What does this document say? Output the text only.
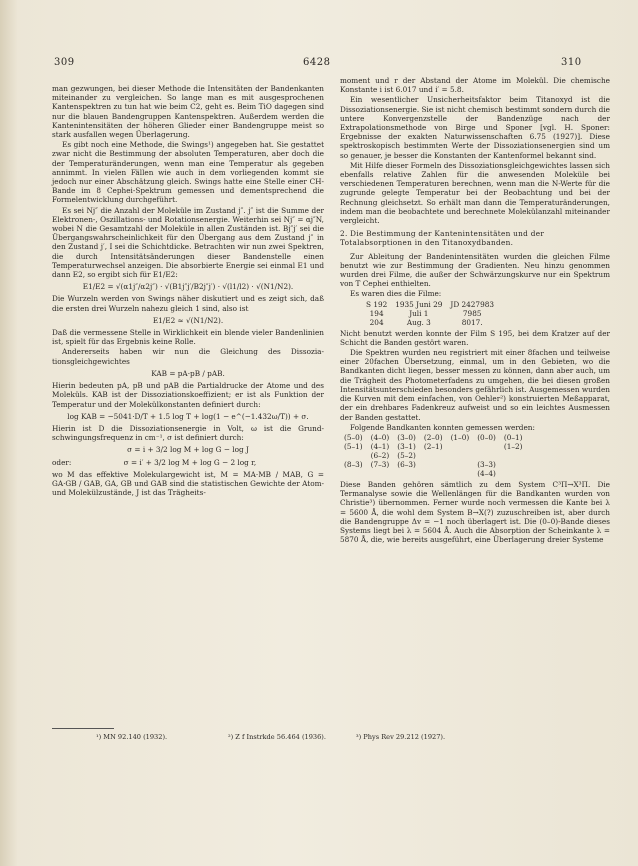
309	6428	310

man gezwungen, bei dieser Methode die Intensitäten der Bandenkanten miteinander zu vergleichen. So lange man es mit ausgesprochenen Kantenspektren zu tun hat wie beim C2, geht es. Beim TiO dagegen sind nur die blauen Bandengruppen Kantenspektren. Außerdem werden die Kantenintensitäten der höheren Glieder einer Bandengruppe meist so stark ausfallen wegen Überlagerung.

Es gibt noch eine Methode, die Swings¹) angegeben hat. Sie gestattet zwar nicht die Bestimmung der absoluten Temperaturen, aber doch die der Temperaturänderungen, wenn man eine Temperatur als gegeben annimmt. In vielen Fällen wie auch in dem vorliegenden kommt sie jedoch nur einer Abschätzung gleich. Swings hatte eine Stelle einer CH-Bande im 8 Cephei-Spektrum gemessen und dementsprechend die Formelentwicklung durchgeführt.

Es sei Nj″ die Anzahl der Moleküle im Zustand j″. j″ ist die Summe der Elektronen-, Oszillations- und Rotationsenergie. Weiterhin sei Nj″ = αj″N, wobei N die Gesamtzahl der Moleküle in allen Zuständen ist. Bj″j′ sei die Übergangswahrscheinlichkeit für den Übergang aus dem Zustand j″ in den Zustand j′, I sei die Schichtdicke. Betrachten wir nun zwei Spektren, die durch Intensitätsänderungen dieser Bandenstelle einen Temperaturwechsel anzeigen. Die absorbierte Energie sei einmal E1 und dann E2, so ergibt sich für E1/E2:

E1/E2 = √(α1j″/α2j″) · √(B1j″j′/B2j″j′) · √(l1/l2) · √(N1/N2).

Die Wurzeln werden von Swings näher diskutiert und es zeigt sich, daß die ersten drei Wurzeln nahezu gleich 1 sind, also ist

E1/E2 ≈ √(N1/N2).

Daß die vermessene Stelle in Wirklichkeit ein blende vieler Bandenlinien ist, spielt für das Ergebnis keine Rolle.

Andererseits haben wir nun die Gleichung des Dissoziationsgleichgewichtes

KAB = pA·pB / pAB.

Hierin bedeuten pA, pB und pAB die Partialdrucke der Atome und des Moleküls. KAB ist der Dissoziationskoeffizient; er ist als Funktion der Temperatur und der Molekülkonstanten definiert durch:

log KAB = −5041·D/T + 1.5 log T + log(1 − e^(−1.432ω/T)) + σ.

Hierin ist D die Dissoziationsenergie in Volt, ω ist die Grundschwingungsfrequenz in cm⁻¹, σ ist definiert durch:

σ = i + 3/2 log M + log G − log J
oder:	σ = i′ + 3/2 log M + log G − 2 log r,

wo M das effektive Molekulargewicht ist, M = MA·MB / MAB, G = GA·GB / GAB, GA, GB und GAB sind die statistischen Gewichte der Atom- und Molekülzustände, J ist das Trägheits-

¹) MN 92.140 (1932).	²) Z f Instrkde 56.464 (1936).

moment und r der Abstand der Atome im Molekül. Die chemische Konstante i ist 6.017 und i′ = 5.8.

Ein wesentlicher Unsicherheitsfaktor beim Titanoxyd ist die Dissoziationsenergie. Sie ist nicht chemisch bestimmt sondern durch die untere Konvergenzstelle der Bandenzüge nach der Extrapolationsmethode von Birge und Sponer [vgl. H. Sponer: Ergebnisse der exakten Naturwissenschaften 6.75 (1927)]. Diese spektroskopisch bestimmten Werte der Dissoziationsenergien sind um so genauer, je besser die Konstanten der Kantenformel bekannt sind.

Mit Hilfe dieser Formeln des Dissoziationsgleichgewichtes lassen sich ebenfalls relative Zahlen für die anwesenden Moleküle bei verschiedenen Temperaturen berechnen, wenn man die N-Werte für die zugrunde gelegte Temperatur bei der Beobachtung und bei der Rechnung gleichsetzt. So erhält man dann die Temperaturänderungen, indem man die beobachtete und berechnete Molekülanzahl miteinander vergleicht.

2. Die Bestimmung der Kantenintensitäten und der Totalabsorptionen in den Titanoxydbanden.

Zur Ableitung der Bandenintensitäten wurden die gleichen Filme benutzt wie zur Bestimmung der Gradienten. Neu hinzu genommen wurden drei Filme, die außer der Schwärzungskurve nur ein Spektrum von T Cephei enthielten.

Es waren dies die Filme:

S 192	1935 Juni 29	JD 2427983
194	Juli 1	7985
204	Aug. 3	8017.

Nicht benutzt werden konnte der Film S 195, bei dem Kratzer auf der Schicht die Banden gestört waren.

Die Spektren wurden neu registriert mit einer 8fachen und teilweise einer 20fachen Übersetzung, einmal, um in den Gebieten, wo die Bandkanten dicht liegen, besser messen zu können, dann aber auch, um die Trägheit des Photometerfadens zu umgehen, die bei diesen großen Intensitätsunterschieden besonders gefährlich ist. Ausgemessen wurden die Kurven mit dem einfachen, von Oehler²) konstruierten Meßapparat, der ein drehbares Fadenkreuz aufweist und so ein leichtes Ausmessen der Banden gestattet.

Folgende Bandkanten konnten gemessen werden:

(5–0)	(4–0)	(3–0)	(2–0)	(1–0)	(0–0)	(0–1)
(5–1)	(4–1)	(3–1)	(2–1)			(1–2)
	(6–2)	(5–2)				
(8–3)	(7–3)	(6–3)			(3–3)	
					(4–4)	

Diese Banden gehören sämtlich zu dem System C³Π→X³Π. Die Termanalyse sowie die Wellenlängen für die Bandkanten wurden von Christie³) übernommen. Ferner wurde noch vermessen die Kante bei λ = 5600 Å, die wohl dem System B→X(?) zuzuschreiben ist, aber durch die Bandengruppe Δv = −1 noch überlagert ist. Die (0–0)-Bande dieses Systems liegt bei λ = 5604 Å. Auch die Absorption der Scheinkante λ = 5870 Å, die, wie bereits ausgeführt, eine Überlagerung dreier Systeme

³) Phys Rev 29.212 (1927).
